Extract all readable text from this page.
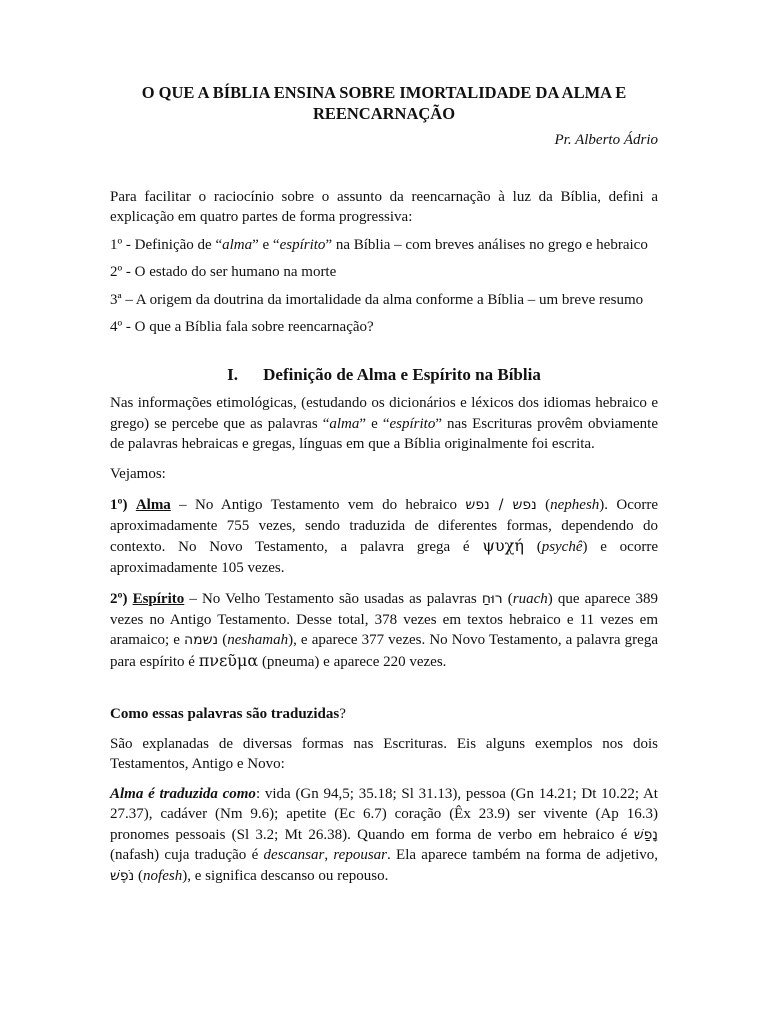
O QUE A BÍBLIA ENSINA SOBRE IMORTALIDADE DA ALMA E REENCARNAÇÃO

Pr. Alberto Ádrio

Para facilitar o raciocínio sobre o assunto da reencarnação à luz da Bíblia, defini a explicação em quatro partes de forma progressiva:

1º - Definição de “alma” e “espírito” na Bíblia – com breves análises no grego e hebraico

2º - O estado do ser humano na morte

3ª – A origem da doutrina da imortalidade da alma conforme a Bíblia – um breve resumo

4º - O que a Bíblia fala sobre reencarnação?

I. Definição de Alma e Espírito na Bíblia

Nas informações etimológicas, (estudando os dicionários e léxicos dos idiomas hebraico e grego) se percebe que as palavras “alma” e “espírito” nas Escrituras provêm obviamente de palavras hebraicas e gregas, línguas em que a Bíblia originalmente foi escrita.

Vejamos:

1º) Alma – No Antigo Testamento vem do hebraico נפש / נפש (nephesh). Ocorre aproximadamente 755 vezes, sendo traduzida de diferentes formas, dependendo do contexto. No Novo Testamento, a palavra grega é ψυχή (psychê) e ocorre aproximadamente 105 vezes.

2º) Espírito – No Velho Testamento são usadas as palavras רוּחַ (ruach) que aparece 389 vezes no Antigo Testamento. Desse total, 378 vezes em textos hebraico e 11 vezes em aramaico; e נשמה (neshamah), e aparece 377 vezes. No Novo Testamento, a palavra grega para espírito é πνεῦμα (pneuma) e aparece 220 vezes.

Como essas palavras são traduzidas?

São explanadas de diversas formas nas Escrituras. Eis alguns exemplos nos dois Testamentos, Antigo e Novo:

Alma é traduzida como: vida (Gn 94,5; 35.18; Sl 31.13), pessoa (Gn 14.21; Dt 10.22; At 27.37), cadáver (Nm 9.6); apetite (Ec 6.7) coração (Êx 23.9) ser vivente (Ap 16.3) pronomes pessoais (Sl 3.2; Mt 26.38). Quando em forma de verbo em hebraico é נָפַשׁ (nafash) cuja tradução é descansar, repousar. Ela aparece também na forma de adjetivo, נֹפֶשׁ (nofesh), e significa descanso ou repouso.
